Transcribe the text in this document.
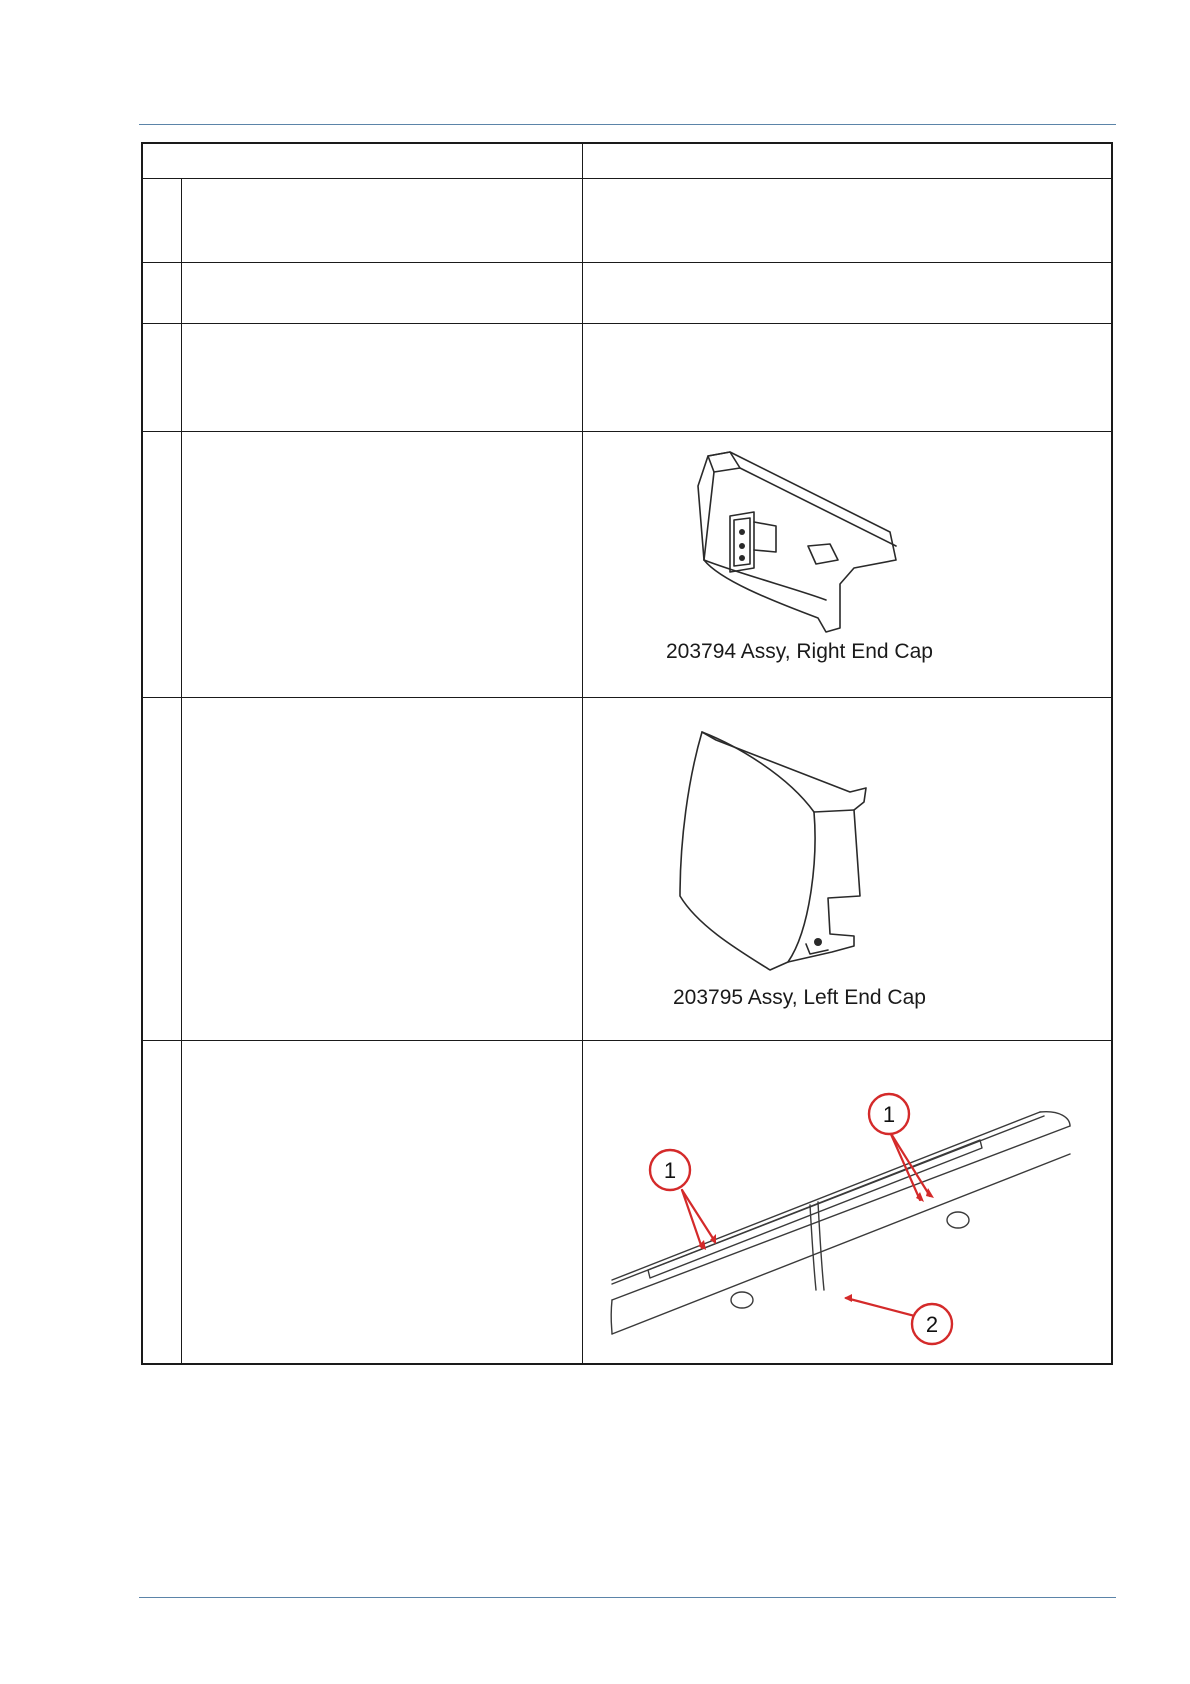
203794 Assy, Right End Cap
203795 Assy, Left End Cap
1
1
2
